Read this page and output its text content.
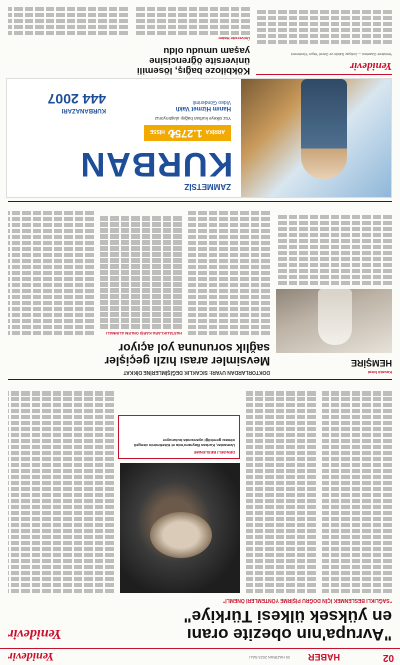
02
HABER
20 HAZİRAN 2023 SALI
Yenidevir
"Avrupa'nın obezite oranı
en yüksek ülkesi Türkiye"
"SAĞLIKLI BESLENMEK İÇİN DOĞRU PİŞİRME YÖNTEMLERİ ÖNEMLİ"
Yenidevir
DENGELİ BESLENME
Uzmanlar, Kurban Bayramı'nda et tüketiminin dengeli olması gerektiği uyarısında bulunuyor
DOKTORLARDAN UYARI: SICAKLIK DEĞİŞİMLERİNE DİKKAT
Mevsimler arası hızlı geçişler
sağlık sorununa yol açıyor
HASTALIKLARA KARŞI ÖNLEM ALINMALI
Kavaklı İdeal
HEMŞİRE
ZAMMETSİZ
KURBAN
ARRİKA 1.275₺ HİSSE
Yüz ülkeye kurban bağışı ulaştırıyoruz
Hanım Hizmet Vakfı
Video Gönderimli
KURBANAZARI
444 2007
Kökbiloze bağış, lösemili
üniversite öğrencisine
yaşam umudu oldu
Üniversite Haber
Yenidevir
Yenidevir Gazetesi — İmtiyaz Sahibi ve Genel Yayın Yönetmeni
